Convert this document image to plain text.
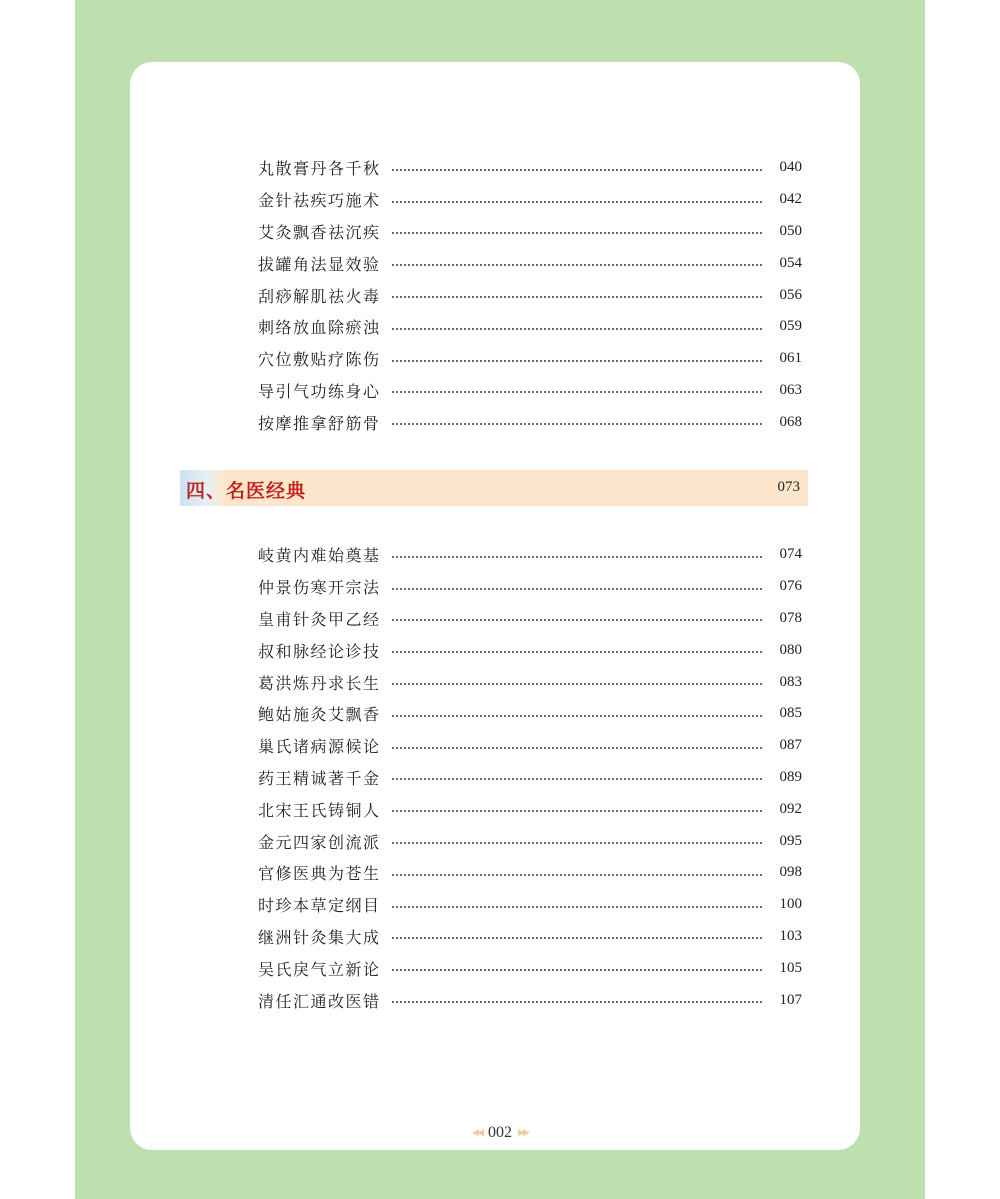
丸散膏丹各千秋	040
金针祛疾巧施术	042
艾灸飘香祛沉疾	050
拔罐角法显效验	054
刮痧解肌祛火毒	056
刺络放血除瘀浊	059
穴位敷贴疗陈伤	061
导引气功练身心	063
按摩推拿舒筋骨	068
四、名医经典	073
岐黄内难始奠基	074
仲景伤寒开宗法	076
皇甫针灸甲乙经	078
叔和脉经论诊技	080
葛洪炼丹求长生	083
鲍姑施灸艾飘香	085
巢氏诸病源候论	087
药王精诚著千金	089
北宋王氏铸铜人	092
金元四家创流派	095
官修医典为苍生	098
时珍本草定纲目	100
继洲针灸集大成	103
吴氏戾气立新论	105
清任汇通改医错	107
◀◀ 002 ▶▶
